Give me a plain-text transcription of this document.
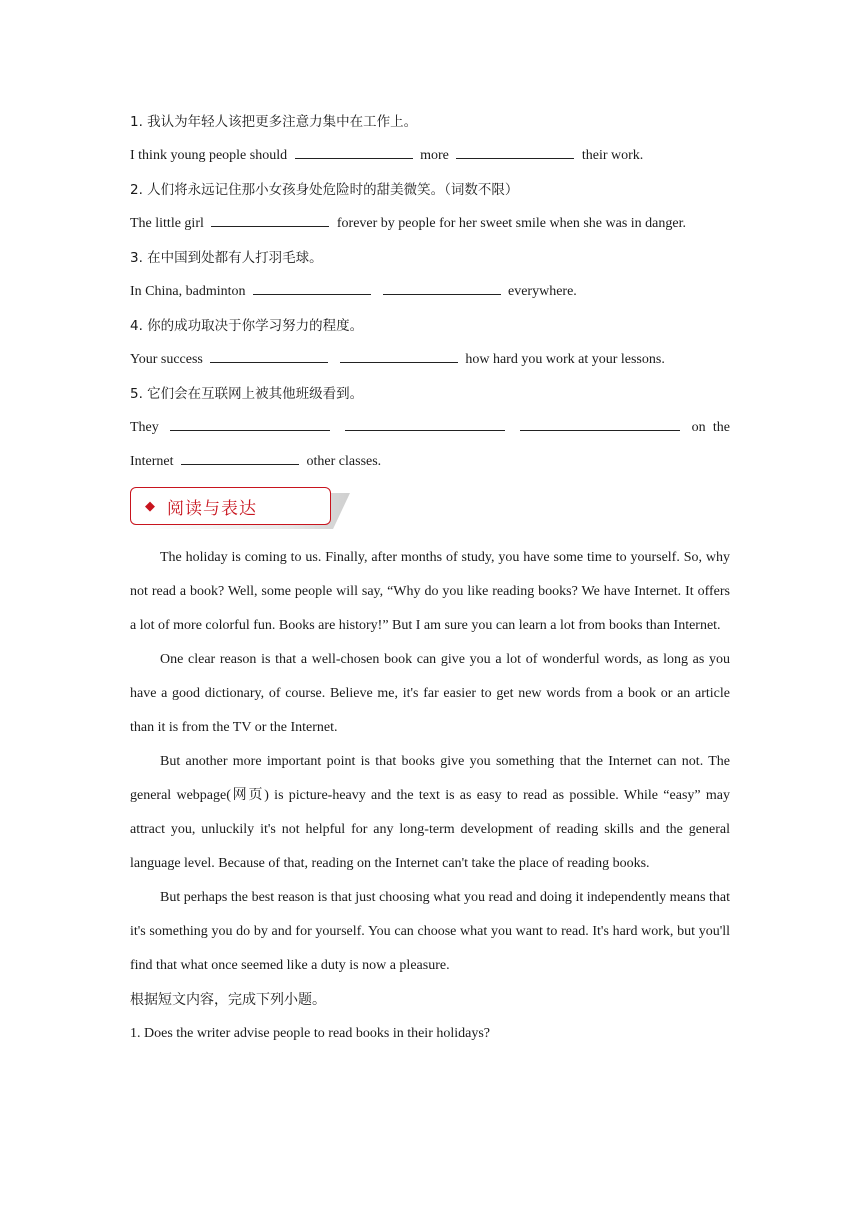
1. 我认为年轻人该把更多注意力集中在工作上。
I think young people should	more	their work.
2. 人们将永远记住那小女孩身处危险时的甜美微笑。（词数不限）
The little girl	forever by people for her sweet smile when she was in danger.
3. 在中国到处都有人打羽毛球。
In China, badminton	everywhere.
4. 你的成功取决于你学习努力的程度。
Your success	how hard you work at your lessons.
5. 它们会在互联网上被其他班级看到。
They	on the
Internet	other classes.
◆ 阅读与表达

The holiday is coming to us. Finally, after months of study, you have some time to yourself. So, why not read a book? Well, some people will say, “Why do you like reading books? We have Internet. It offers a lot of more colorful fun. Books are history!” But I am sure you can learn a lot from books than Internet.

One clear reason is that a well-chosen book can give you a lot of wonderful words, as long as you have a good dictionary, of course. Believe me, it's far easier to get new words from a book or an article than it is from the TV or the Internet.

But another more important point is that books give you something that the Internet can not. The general webpage(网页) is picture-heavy and the text is as easy to read as possible. While “easy” may attract you, unluckily it's not helpful for any long-term development of reading skills and the general language level. Because of that, reading on the Internet can't take the place of reading books.

But perhaps the best reason is that just choosing what you read and doing it independently means that it's something you do by and for yourself. You can choose what you want to read. It's hard work, but you'll find that what once seemed like a duty is now a pleasure.

根据短文内容，完成下列小题。

1. Does the writer advise people to read books in their holidays?
